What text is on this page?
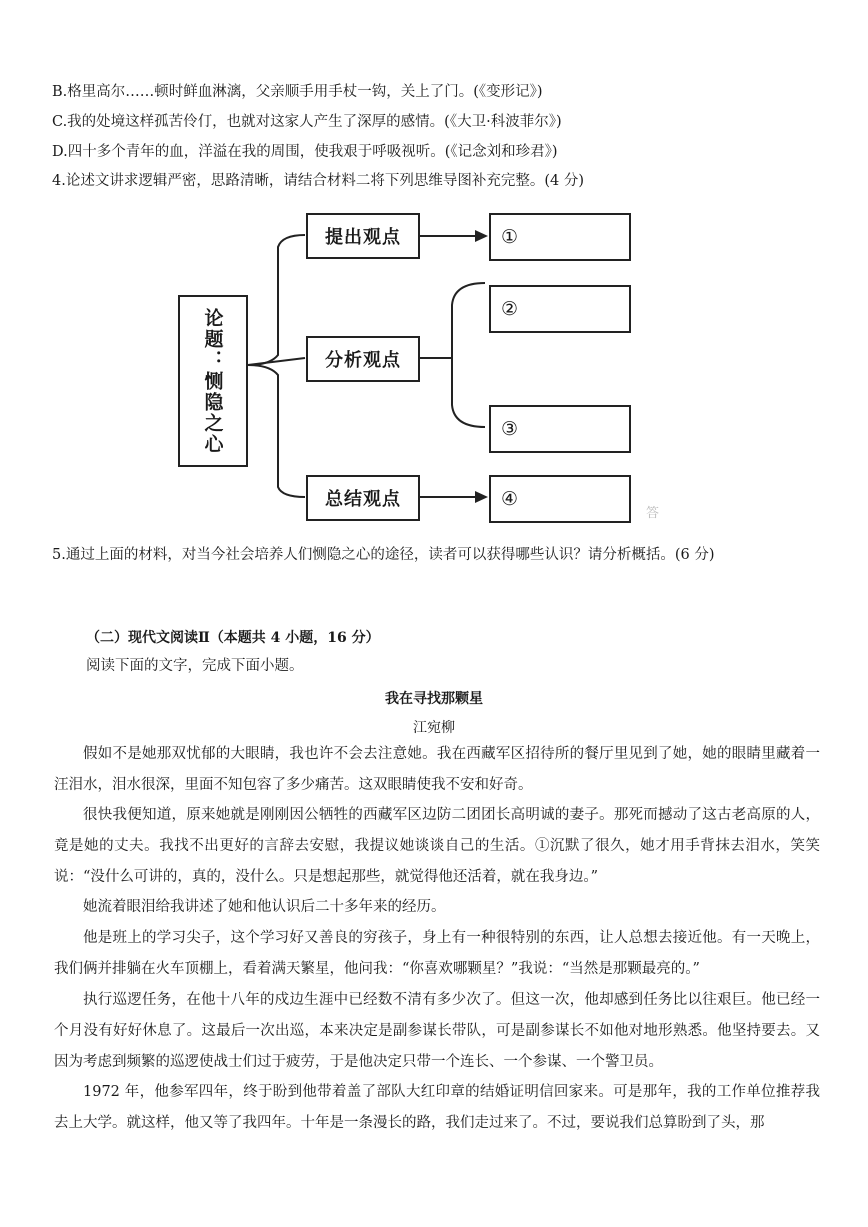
B.格里高尔……顿时鲜血淋漓，父亲顺手用手杖一钩，关上了门。(《变形记》)
C.我的处境这样孤苦伶仃，也就对这家人产生了深厚的感情。(《大卫·科波菲尔》)
D.四十多个青年的血，洋溢在我的周围，使我艰于呼吸视听。(《记念刘和珍君》)
4.论述文讲求逻辑严密，思路清晰，请结合材料二将下列思维导图补充完整。(4 分)
论题：恻隐之心
提出观点
分析观点
总结观点
①
②
③
④
答
5.通过上面的材料，对当今社会培养人们恻隐之心的途径，读者可以获得哪些认识？请分析概括。(6 分)
（二）现代文阅读Ⅱ（本题共 4 小题，16 分）
阅读下面的文字，完成下面小题。
我在寻找那颗星
江宛柳
假如不是她那双忧郁的大眼睛，我也许不会去注意她。我在西藏军区招待所的餐厅里见到了她，她的眼睛里藏着一汪泪水，泪水很深，里面不知包容了多少痛苦。这双眼睛使我不安和好奇。
很快我便知道，原来她就是刚刚因公牺牲的西藏军区边防二团团长高明诚的妻子。那死而撼动了这古老高原的人，竟是她的丈夫。我找不出更好的言辞去安慰，我提议她谈谈自己的生活。①沉默了很久，她才用手背抹去泪水，笑笑说：“没什么可讲的，真的，没什么。只是想起那些，就觉得他还活着，就在我身边。”
她流着眼泪给我讲述了她和他认识后二十多年来的经历。
他是班上的学习尖子，这个学习好又善良的穷孩子，身上有一种很特别的东西，让人总想去接近他。有一天晚上，我们俩并排躺在火车顶棚上，看着满天繁星，他问我：“你喜欢哪颗星？”我说：“当然是那颗最亮的。”
执行巡逻任务，在他十八年的戍边生涯中已经数不清有多少次了。但这一次，他却感到任务比以往艰巨。他已经一个月没有好好休息了。这最后一次出巡，本来决定是副参谋长带队，可是副参谋长不如他对地形熟悉。他坚持要去。又因为考虑到频繁的巡逻使战士们过于疲劳，于是他决定只带一个连长、一个参谋、一个警卫员。
1972 年，他参军四年，终于盼到他带着盖了部队大红印章的结婚证明信回家来。可是那年，我的工作单位推荐我去上大学。就这样，他又等了我四年。十年是一条漫长的路，我们走过来了。不过，要说我们总算盼到了头，那
